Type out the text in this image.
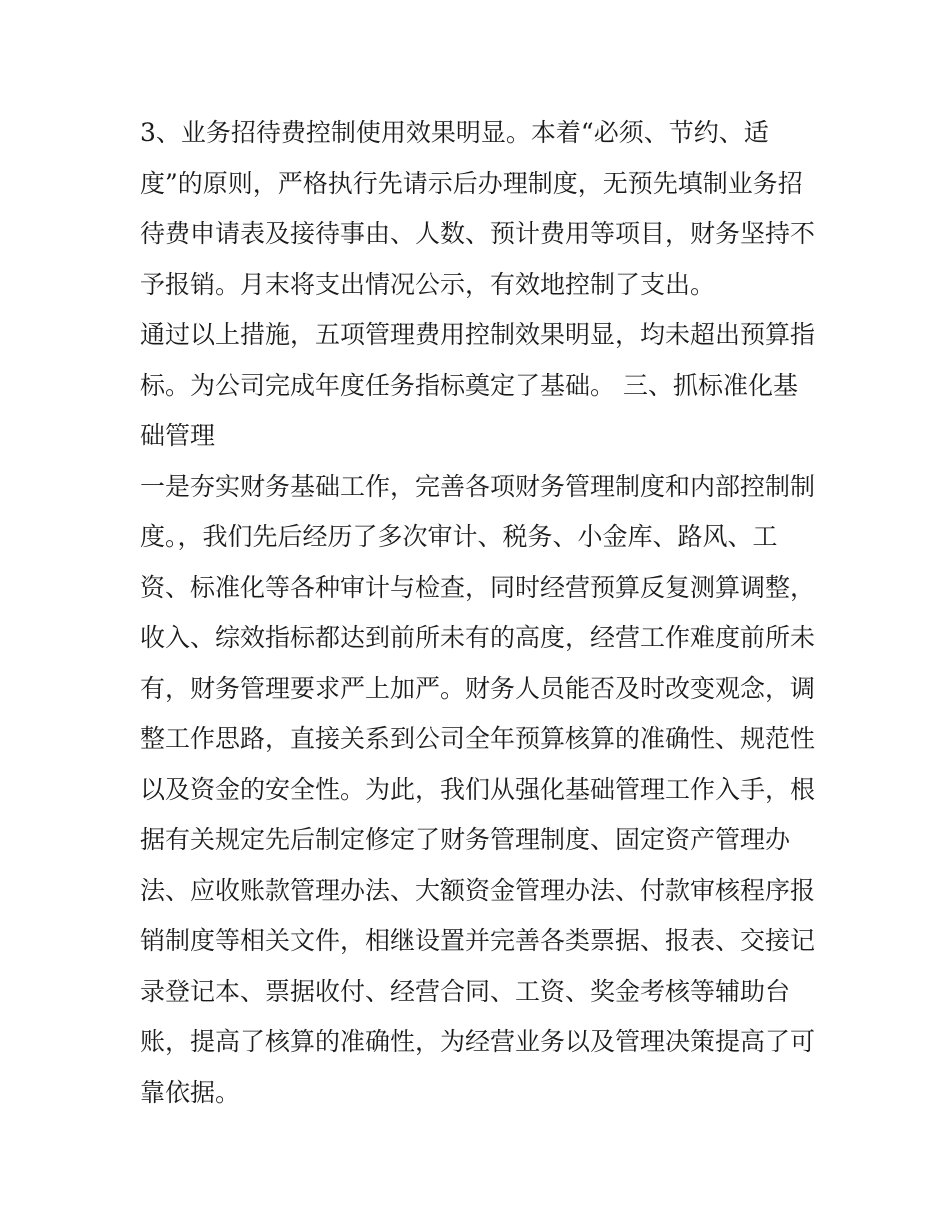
3、业务招待费控制使用效果明显。本着“必须、节约、适
度”的原则，严格执行先请示后办理制度，无预先填制业务招
待费申请表及接待事由、人数、预计费用等项目，财务坚持不
予报销。月末将支出情况公示，有效地控制了支出。
通过以上措施，五项管理费用控制效果明显，均未超出预算指
标。为公司完成年度任务指标奠定了基础。 三、抓标准化基
础管理
一是夯实财务基础工作，完善各项财务管理制度和内部控制制
度。，我们先后经历了多次审计、税务、小金库、路风、工
资、标准化等各种审计与检查，同时经营预算反复测算调整，
收入、综效指标都达到前所未有的高度，经营工作难度前所未
有，财务管理要求严上加严。财务人员能否及时改变观念，调
整工作思路，直接关系到公司全年预算核算的准确性、规范性
以及资金的安全性。为此，我们从强化基础管理工作入手，根
据有关规定先后制定修定了财务管理制度、固定资产管理办
法、应收账款管理办法、大额资金管理办法、付款审核程序报
销制度等相关文件，相继设置并完善各类票据、报表、交接记
录登记本、票据收付、经营合同、工资、奖金考核等辅助台
账，提高了核算的准确性，为经营业务以及管理决策提高了可
靠依据。
